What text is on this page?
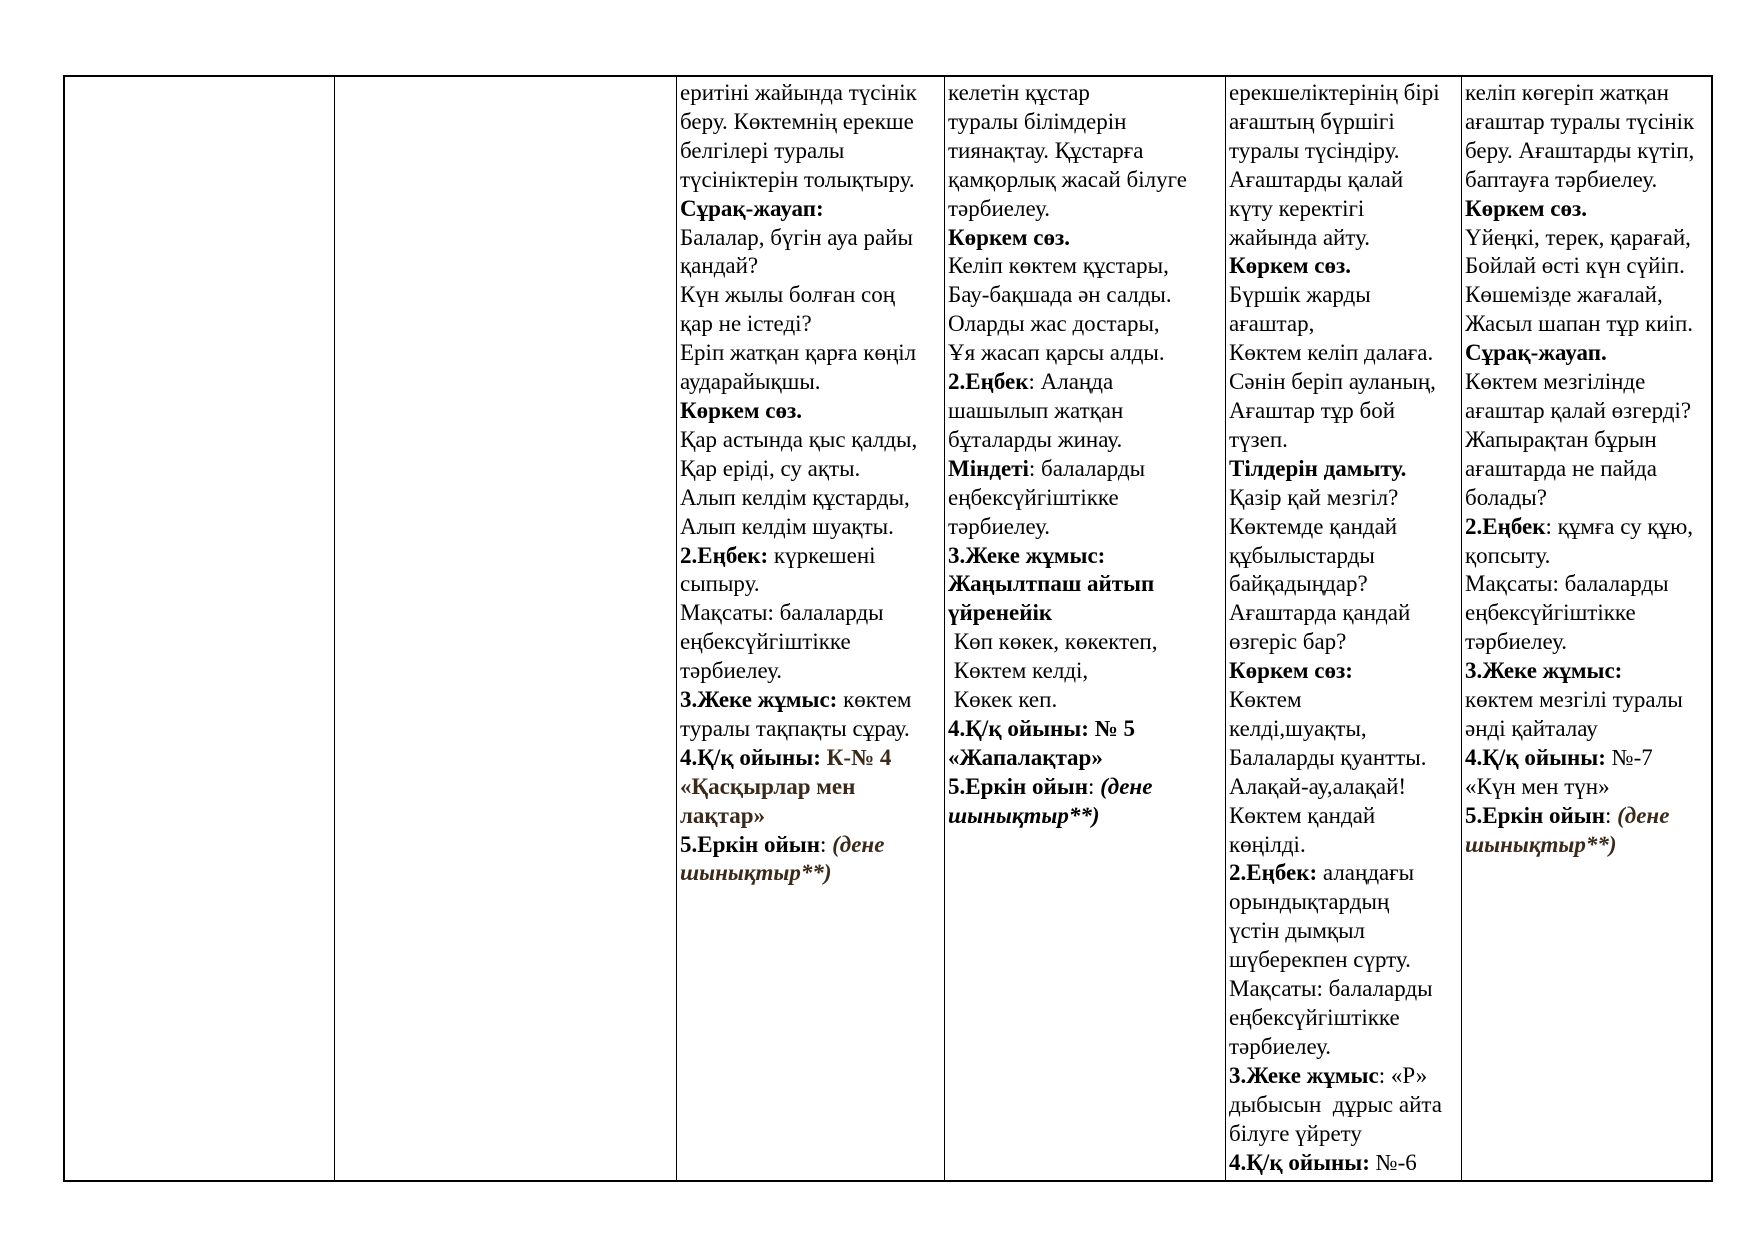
еритіні жайында түсінік
беру. Көктемнің ерекше
белгілері туралы
түсініктерін толықтыру.
Сұрақ-жауап:
Балалар, бүгін ауа райы
қандай?
Күн жылы болған соң
қар не істеді?
Еріп жатқан қарға көңіл
аударайықшы.
Көркем сөз.
Қар астында қыс қалды,
Қар еріді, су ақты.
Алып келдім құстарды,
Алып келдім шуақты.
2.Еңбек: күркешені
сыпыру.
Мақсаты: балаларды
еңбексүйгіштікке
тәрбиелеу.
3.Жеке жұмыс: көктем
туралы тақпақты сұрау.
4.Қ/қ ойыны: К-№ 4
«Қасқырлар мен
лақтар»
5.Еркін ойын: (дене
шынықтыр**)
келетін құстар
туралы білімдерін
тиянақтау. Құстарға
қамқорлық жасай білуге
тәрбиелеу.
Көркем сөз.
Келіп көктем құстары,
Бау-бақшада ән салды.
Оларды жас достары,
Ұя жасап қарсы алды.
2.Еңбек: Алаңда
шашылып жатқан
бұталарды жинау.
Міндеті: балаларды
еңбексүйгіштікке
тәрбиелеу.
3.Жеке жұмыс:
Жаңылтпаш айтып
үйренейік
Көп көкек, көкектеп,
Көктем келді,
Көкек кеп.
4.Қ/қ ойыны: № 5
«Жапалақтар»
5.Еркін ойын: (дене
шынықтыр**)
ерекшеліктерінің бірі
ағаштың бүршігі
туралы түсіндіру.
Ағаштарды қалай
күту керектігі
жайында айту.
Көркем сөз.
Бүршік жарды
ағаштар,
Көктем келіп далаға.
Сәнін беріп ауланың,
Ағаштар тұр бой
түзеп.
Тілдерін дамыту.
Қазір қай мезгіл?
Көктемде қандай
құбылыстарды
байқадыңдар?
Ағаштарда қандай
өзгеріс бар?
Көркем сөз:
Көктем
келді,шуақты,
Балаларды қуантты.
Алақай-ау,алақай!
Көктем қандай
көңілді.
2.Еңбек: алаңдағы
орындықтардың
үстін дымқыл
шүберекпен сүрту.
Мақсаты: балаларды
еңбексүйгіштікке
тәрбиелеу.
3.Жеке жұмыс: «Р»
дыбысын  дұрыс айта
білуге үйрету
4.Қ/қ ойыны: №-6
келіп көгеріп жатқан
ағаштар туралы түсінік
беру. Ағаштарды күтіп,
баптауға тәрбиелеу.
Көркем сөз.
Үйеңкі, терек, қарағай,
Бойлай өсті күн сүйіп.
Көшемізде жағалай,
Жасыл шапан тұр киіп.
Сұрақ-жауап.
Көктем мезгілінде
ағаштар қалай өзгерді?
Жапырақтан бұрын
ағаштарда не пайда
болады?
2.Еңбек: құмға су құю,
қопсыту.
Мақсаты: балаларды
еңбексүйгіштікке
тәрбиелеу.
3.Жеке жұмыс:
көктем мезгілі туралы
әнді қайталау
4.Қ/қ ойыны: №-7
«Күн мен түн»
5.Еркін ойын: (дене
шынықтыр**)
